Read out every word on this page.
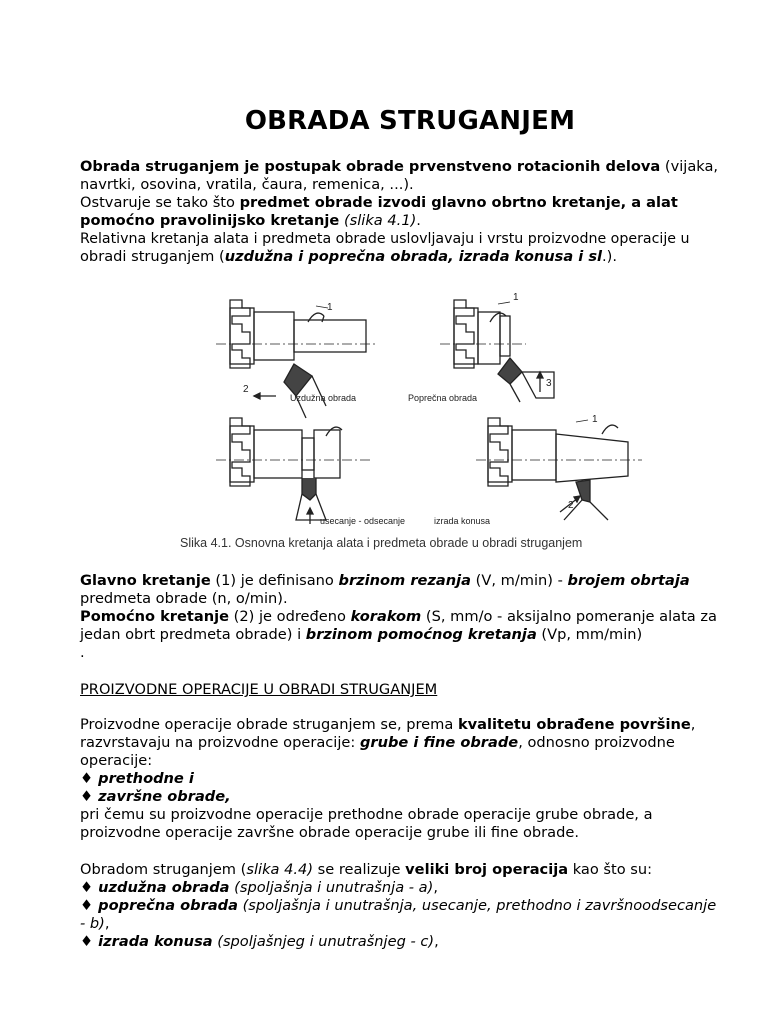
OBRADA STRUGANJEM
Obrada struganjem je postupak obrade prvenstveno rotacionih delova (vijaka,
navrtki, osovina, vratila, čaura, remenica, ...).
Ostvaruje se tako što predmet obrade izvodi glavno obrtno kretanje, a alat
pomoćno pravolinijsko kretanje (slika 4.1).
Relativna kretanja alata i predmeta obrade uslovljavaju i vrstu proizvodne operacije u
obradi struganjem (uzdužna i poprečna obrada, izrada konusa i sl.).
1
2
Uzdužna obrada
1
3
Poprečna obrada
usecanje - odsecanje	izrada konusa
1
2
Slika 4.1. Osnovna kretanja alata i predmeta obrade u obradi struganjem
Glavno kretanje (1) je definisano brzinom rezanja (V, m/min) - brojem obrtaja
predmeta obrade (n, o/min).
Pomoćno kretanje (2) je određeno korakom (S, mm/o - aksijalno pomeranje alata za
jedan obrt predmeta obrade) i brzinom pomoćnog kretanja (Vp, mm/min)
.
PROIZVODNE OPERACIJE U OBRADI STRUGANJEM
Proizvodne operacije obrade struganjem se, prema kvalitetu obrađene površine,
razvrstavaju na proizvodne operacije: grube i fine obrade, odnosno proizvodne
operacije:
♦ prethodne i
♦ završne obrade,
pri čemu su proizvodne operacije prethodne obrade operacije grube obrade, a
proizvodne operacije završne obrade operacije grube ili fine obrade.
Obradom struganjem (slika 4.4) se realizuje veliki broj operacija kao što su:
♦ uzdužna obrada (spoljašnja i unutrašnja - a),
♦ poprečna obrada (spoljašnja i unutrašnja, usecanje, prethodno i završnoodsecanje
- b),
♦ izrada konusa (spoljašnjeg i unutrašnjeg - c),
